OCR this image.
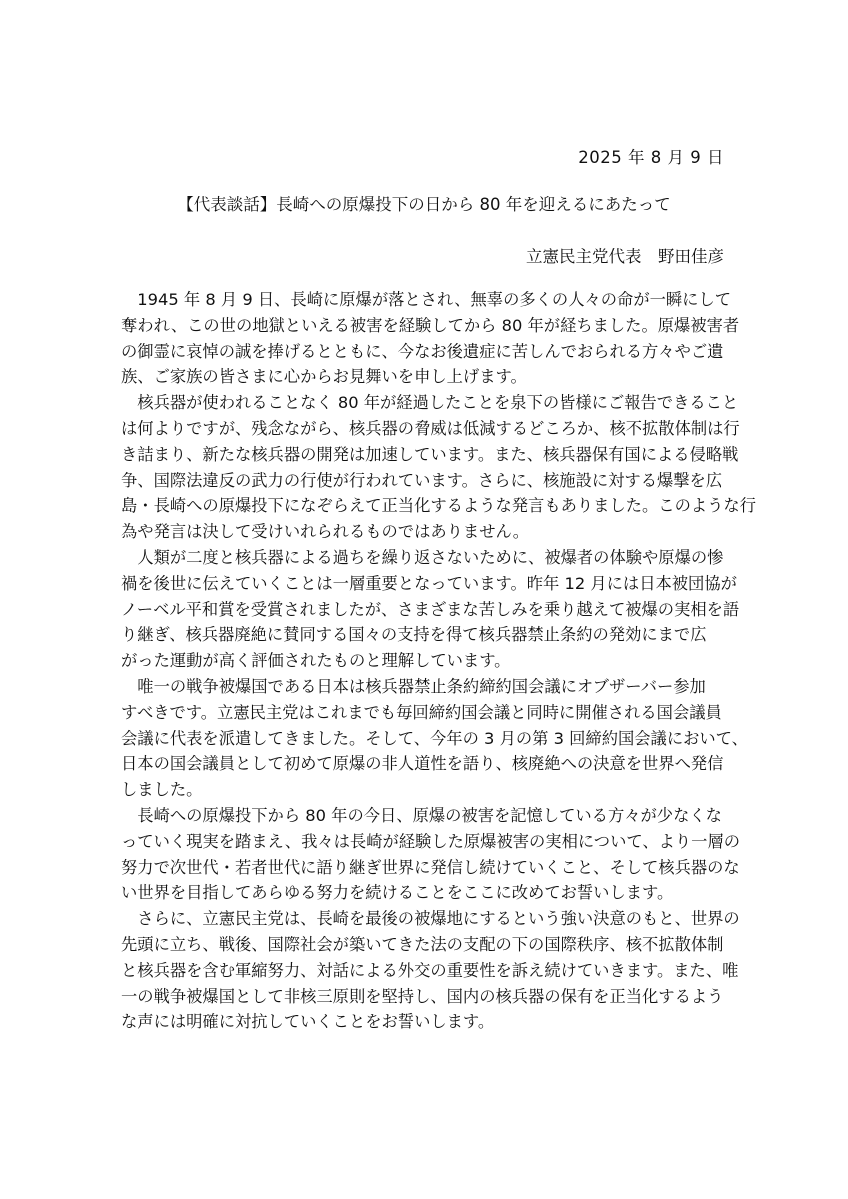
2025 年 8 月 9 日
【代表談話】長崎への原爆投下の日から 80 年を迎えるにあたって
立憲民主党代表　野田佳彦
　1945 年 8 月 9 日、長崎に原爆が落とされ、無辜の多くの人々の命が一瞬にして
奪われ、この世の地獄といえる被害を経験してから 80 年が経ちました。原爆被害者
の御霊に哀悼の誠を捧げるとともに、今なお後遺症に苦しんでおられる方々やご遺
族、ご家族の皆さまに心からお見舞いを申し上げます。
　核兵器が使われることなく 80 年が経過したことを泉下の皆様にご報告できること
は何よりですが、残念ながら、核兵器の脅威は低減するどころか、核不拡散体制は行
き詰まり、新たな核兵器の開発は加速しています。また、核兵器保有国による侵略戦
争、国際法違反の武力の行使が行われています。さらに、核施設に対する爆撃を広
島・長崎への原爆投下になぞらえて正当化するような発言もありました。このような行
為や発言は決して受けいれられるものではありません。
　人類が二度と核兵器による過ちを繰り返さないために、被爆者の体験や原爆の惨
禍を後世に伝えていくことは一層重要となっています。昨年 12 月には日本被団協が
ノーベル平和賞を受賞されましたが、さまざまな苦しみを乗り越えて被爆の実相を語
り継ぎ、核兵器廃絶に賛同する国々の支持を得て核兵器禁止条約の発効にまで広
がった運動が高く評価されたものと理解しています。
　唯一の戦争被爆国である日本は核兵器禁止条約締約国会議にオブザーバー参加
すべきです。立憲民主党はこれまでも毎回締約国会議と同時に開催される国会議員
会議に代表を派遣してきました。そして、今年の 3 月の第 3 回締約国会議において、
日本の国会議員として初めて原爆の非人道性を語り、核廃絶への決意を世界へ発信
しました。
　長崎への原爆投下から 80 年の今日、原爆の被害を記憶している方々が少なくな
っていく現実を踏まえ、我々は長崎が経験した原爆被害の実相について、より一層の
努力で次世代・若者世代に語り継ぎ世界に発信し続けていくこと、そして核兵器のな
い世界を目指してあらゆる努力を続けることをここに改めてお誓いします。
　さらに、立憲民主党は、長崎を最後の被爆地にするという強い決意のもと、世界の
先頭に立ち、戦後、国際社会が築いてきた法の支配の下の国際秩序、核不拡散体制
と核兵器を含む軍縮努力、対話による外交の重要性を訴え続けていきます。また、唯
一の戦争被爆国として非核三原則を堅持し、国内の核兵器の保有を正当化するよう
な声には明確に対抗していくことをお誓いします。
